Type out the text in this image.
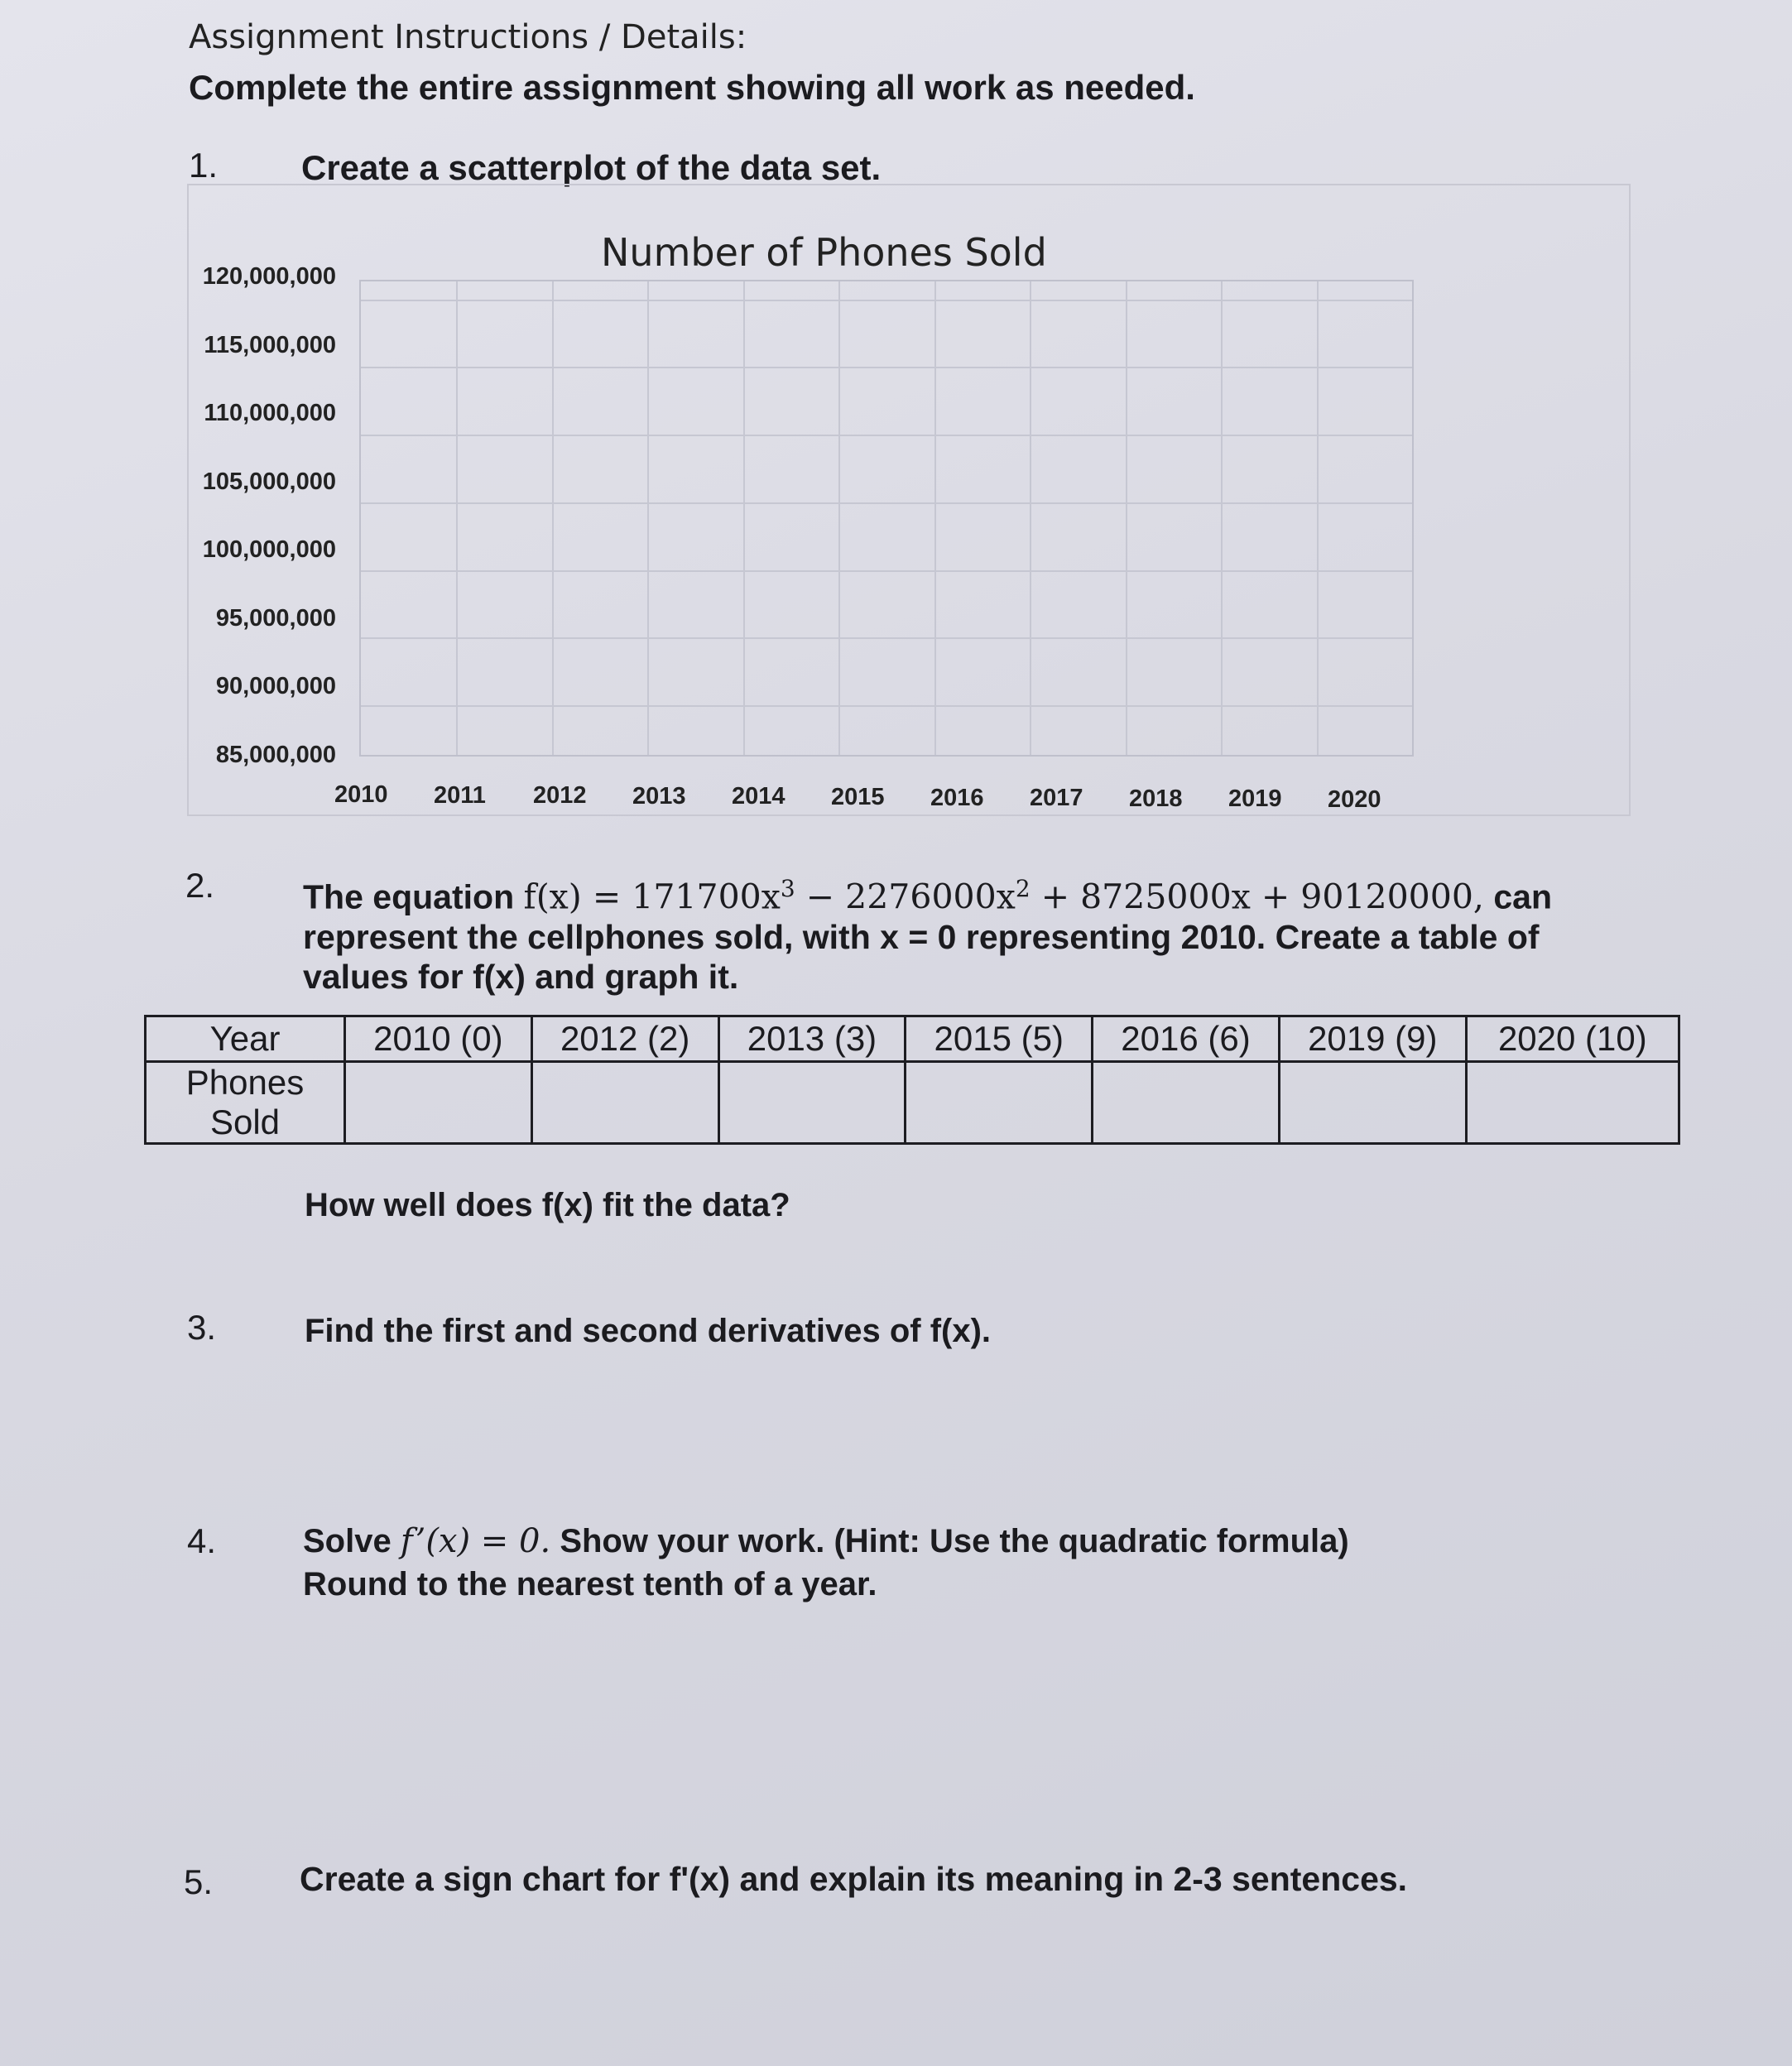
Assignment Instructions / Details:
Complete the entire assignment showing all work as needed.
1. Create a scatterplot of the data set.
Number of Phones Sold
120,000,000
115,000,000
110,000,000
105,000,000
100,000,000
95,000,000
90,000,000
85,000,000
2010 2011 2012 2013 2014 2015 2016 2017 2018 2019 2020
2.	The equation $f(x) = 171700x^3 - 2276000x^2 + 8725000x + 90120000$, can
represent the cellphones sold, with x = 0 representing 2010. Create a table of
values for f(x) and graph it.
Year	2010 (0)	2012 (2)	2013 (3)	2015 (5)	2016 (6)	2019 (9)	2020 (10)
Phones Sold							
How well does f(x) fit the data?
3.	Find the first and second derivatives of f(x).
4.	Solve f’(x) = 0. Show your work. (Hint: Use the quadratic formula)
Round to the nearest tenth of a year.
5.	Create a sign chart for f'(x) and explain its meaning in 2-3 sentences.
